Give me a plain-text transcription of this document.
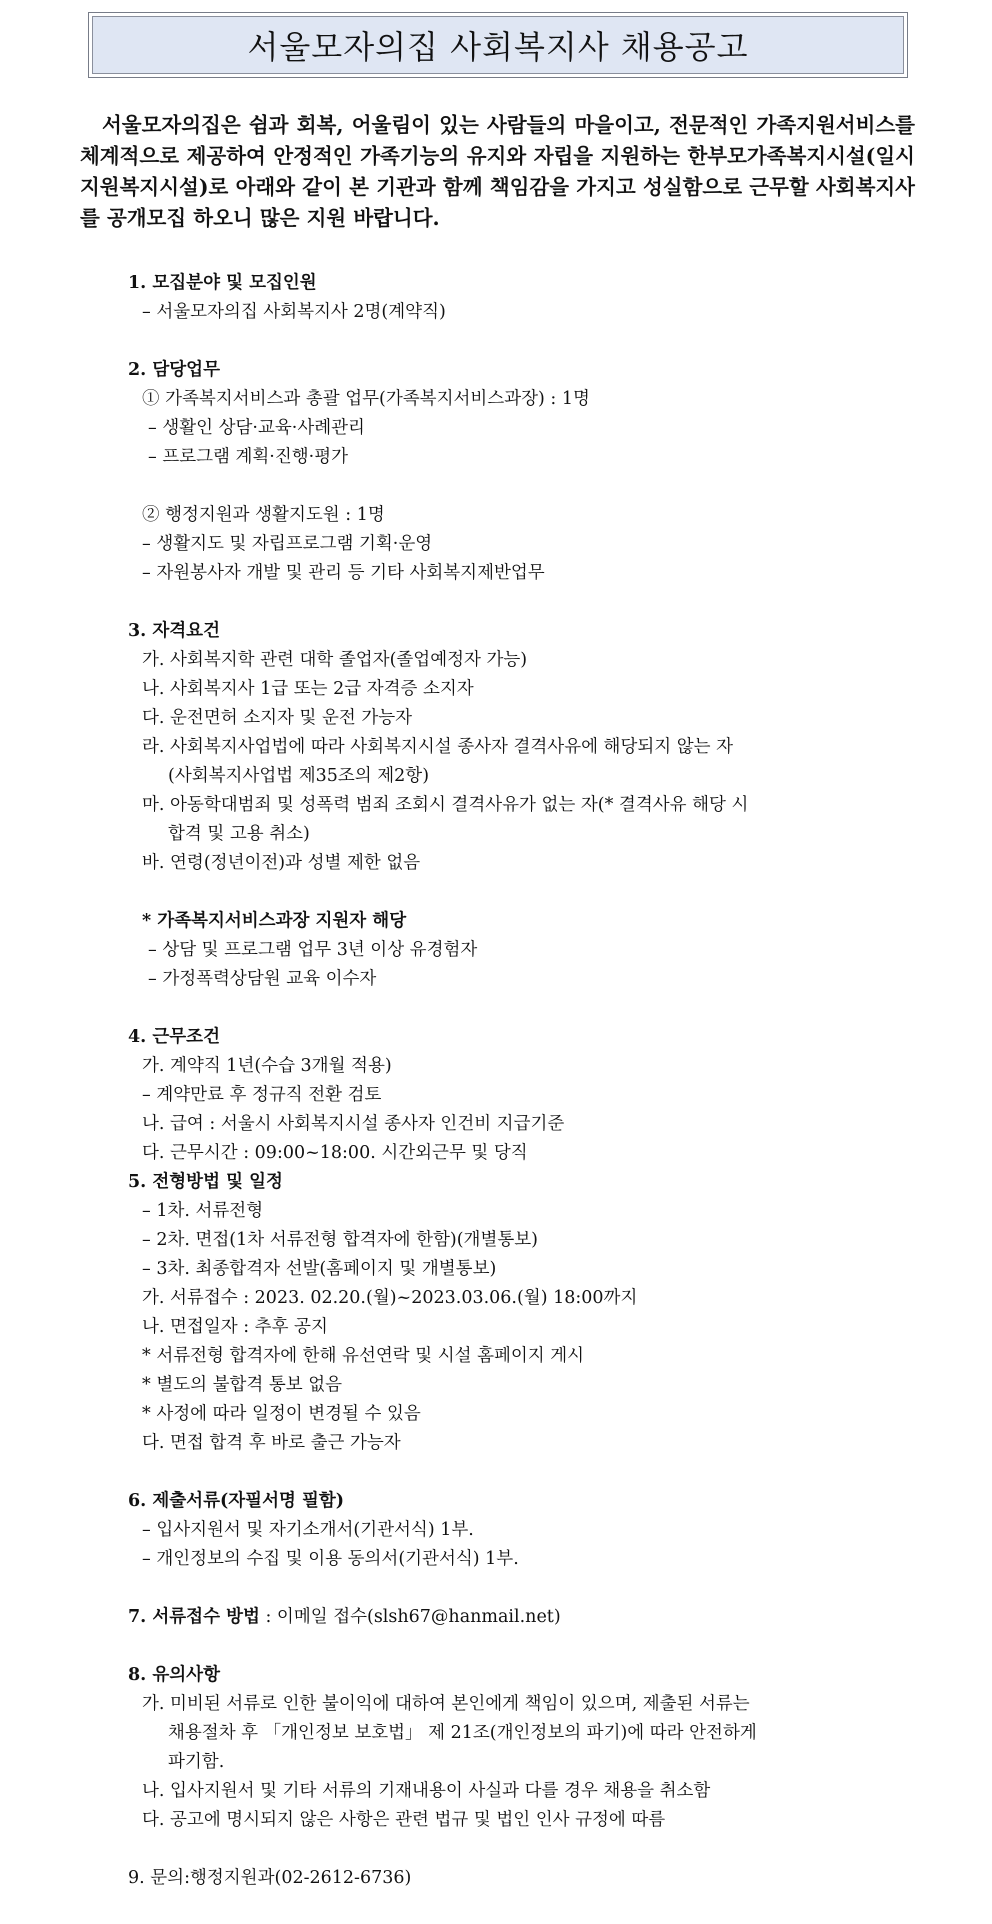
서울모자의집 사회복지사 채용공고
서울모자의집은 쉼과 회복, 어울림이 있는 사람들의 마을이고, 전문적인 가족지원서비스를 체계적으로 제공하여 안정적인 가족기능의 유지와 자립을 지원하는 한부모가족복지시설(일시지원복지시설)로 아래와 같이 본 기관과 함께 책임감을 가지고 성실함으로 근무할 사회복지사를 공개모집 하오니 많은 지원 바랍니다.
1. 모집분야 및 모집인원
– 서울모자의집 사회복지사 2명(계약직)
2. 담당업무
① 가족복지서비스과 총괄 업무(가족복지서비스과장) : 1명
– 생활인 상담·교육·사례관리
– 프로그램 계획·진행·평가
② 행정지원과 생활지도원 : 1명
– 생활지도 및 자립프로그램 기획·운영
– 자원봉사자 개발 및 관리 등 기타 사회복지제반업무
3. 자격요건
가. 사회복지학 관련 대학 졸업자(졸업예정자 가능)
나. 사회복지사 1급 또는 2급 자격증 소지자
다. 운전면허 소지자 및 운전 가능자
라. 사회복지사업법에 따라 사회복지시설 종사자 결격사유에 해당되지 않는 자
(사회복지사업법 제35조의 제2항)
마. 아동학대범죄 및 성폭력 범죄 조회시 결격사유가 없는 자(* 결격사유 해당 시
합격 및 고용 취소)
바. 연령(정년이전)과 성별 제한 없음
* 가족복지서비스과장 지원자 해당
– 상담 및 프로그램 업무 3년 이상 유경험자
– 가정폭력상담원 교육 이수자
4. 근무조건
가. 계약직 1년(수습 3개월 적용)
– 계약만료 후 정규직 전환 검토
나. 급여 : 서울시 사회복지시설 종사자 인건비 지급기준
다. 근무시간 : 09:00~18:00. 시간외근무 및 당직
5. 전형방법 및 일정
– 1차. 서류전형
– 2차. 면접(1차 서류전형 합격자에 한함)(개별통보)
– 3차. 최종합격자 선발(홈페이지 및 개별통보)
가. 서류접수 : 2023. 02.20.(월)~2023.03.06.(월) 18:00까지
나. 면접일자 : 추후 공지
* 서류전형 합격자에 한해 유선연락 및 시설 홈페이지 게시
* 별도의 불합격 통보 없음
* 사정에 따라 일정이 변경될 수 있음
다. 면접 합격 후 바로 출근 가능자
6. 제출서류(자필서명 필함)
– 입사지원서 및 자기소개서(기관서식) 1부.
– 개인정보의 수집 및 이용 동의서(기관서식) 1부.
7. 서류접수 방법 : 이메일 접수(slsh67@hanmail.net)
8. 유의사항
가. 미비된 서류로 인한 불이익에 대하여 본인에게 책임이 있으며, 제출된 서류는
채용절차 후 「개인정보 보호법」 제 21조(개인정보의 파기)에 따라 안전하게
파기함.
나. 입사지원서 및 기타 서류의 기재내용이 사실과 다를 경우 채용을 취소함
다. 공고에 명시되지 않은 사항은 관련 법규 및 법인 인사 규정에 따름
9. 문의:행정지원과(02-2612-6736)
